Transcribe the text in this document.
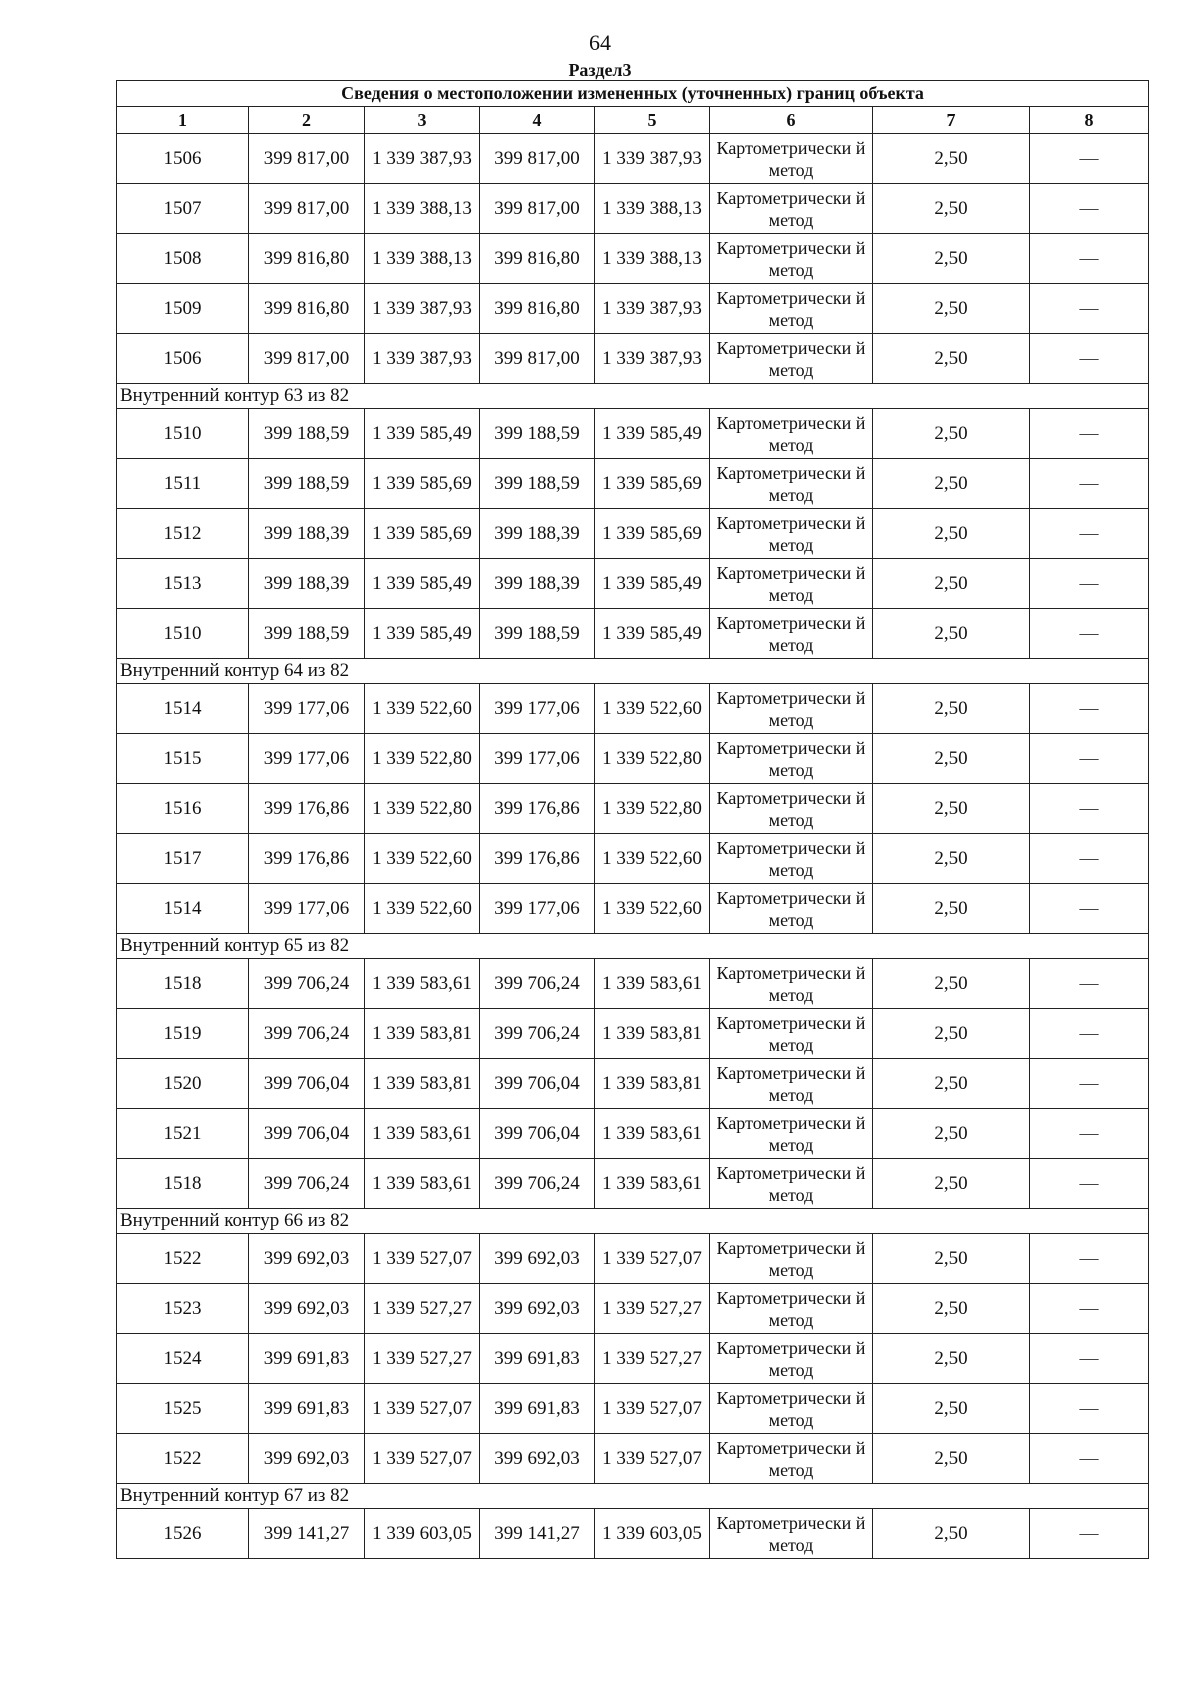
64
Раздел3
Сведения о местоположении измененных (уточненных) границ объекта							
1	2	3	4	5	6	7	8
1506	399 817,00	1 339 387,93	399 817,00	1 339 387,93	Картометрически й метод	2,50	—
1507	399 817,00	1 339 388,13	399 817,00	1 339 388,13	Картометрически й метод	2,50	—
1508	399 816,80	1 339 388,13	399 816,80	1 339 388,13	Картометрически й метод	2,50	—
1509	399 816,80	1 339 387,93	399 816,80	1 339 387,93	Картометрически й метод	2,50	—
1506	399 817,00	1 339 387,93	399 817,00	1 339 387,93	Картометрически й метод	2,50	—
Внутренний контур 63 из 82							
1510	399 188,59	1 339 585,49	399 188,59	1 339 585,49	Картометрически й метод	2,50	—
1511	399 188,59	1 339 585,69	399 188,59	1 339 585,69	Картометрически й метод	2,50	—
1512	399 188,39	1 339 585,69	399 188,39	1 339 585,69	Картометрически й метод	2,50	—
1513	399 188,39	1 339 585,49	399 188,39	1 339 585,49	Картометрически й метод	2,50	—
1510	399 188,59	1 339 585,49	399 188,59	1 339 585,49	Картометрически й метод	2,50	—
Внутренний контур 64 из 82							
1514	399 177,06	1 339 522,60	399 177,06	1 339 522,60	Картометрически й метод	2,50	—
1515	399 177,06	1 339 522,80	399 177,06	1 339 522,80	Картометрически й метод	2,50	—
1516	399 176,86	1 339 522,80	399 176,86	1 339 522,80	Картометрически й метод	2,50	—
1517	399 176,86	1 339 522,60	399 176,86	1 339 522,60	Картометрически й метод	2,50	—
1514	399 177,06	1 339 522,60	399 177,06	1 339 522,60	Картометрически й метод	2,50	—
Внутренний контур 65 из 82							
1518	399 706,24	1 339 583,61	399 706,24	1 339 583,61	Картометрически й метод	2,50	—
1519	399 706,24	1 339 583,81	399 706,24	1 339 583,81	Картометрически й метод	2,50	—
1520	399 706,04	1 339 583,81	399 706,04	1 339 583,81	Картометрически й метод	2,50	—
1521	399 706,04	1 339 583,61	399 706,04	1 339 583,61	Картометрически й метод	2,50	—
1518	399 706,24	1 339 583,61	399 706,24	1 339 583,61	Картометрически й метод	2,50	—
Внутренний контур 66 из 82							
1522	399 692,03	1 339 527,07	399 692,03	1 339 527,07	Картометрически й метод	2,50	—
1523	399 692,03	1 339 527,27	399 692,03	1 339 527,27	Картометрически й метод	2,50	—
1524	399 691,83	1 339 527,27	399 691,83	1 339 527,27	Картометрически й метод	2,50	—
1525	399 691,83	1 339 527,07	399 691,83	1 339 527,07	Картометрически й метод	2,50	—
1522	399 692,03	1 339 527,07	399 692,03	1 339 527,07	Картометрически й метод	2,50	—
Внутренний контур 67 из 82							
1526	399 141,27	1 339 603,05	399 141,27	1 339 603,05	Картометрически й метод	2,50	—
